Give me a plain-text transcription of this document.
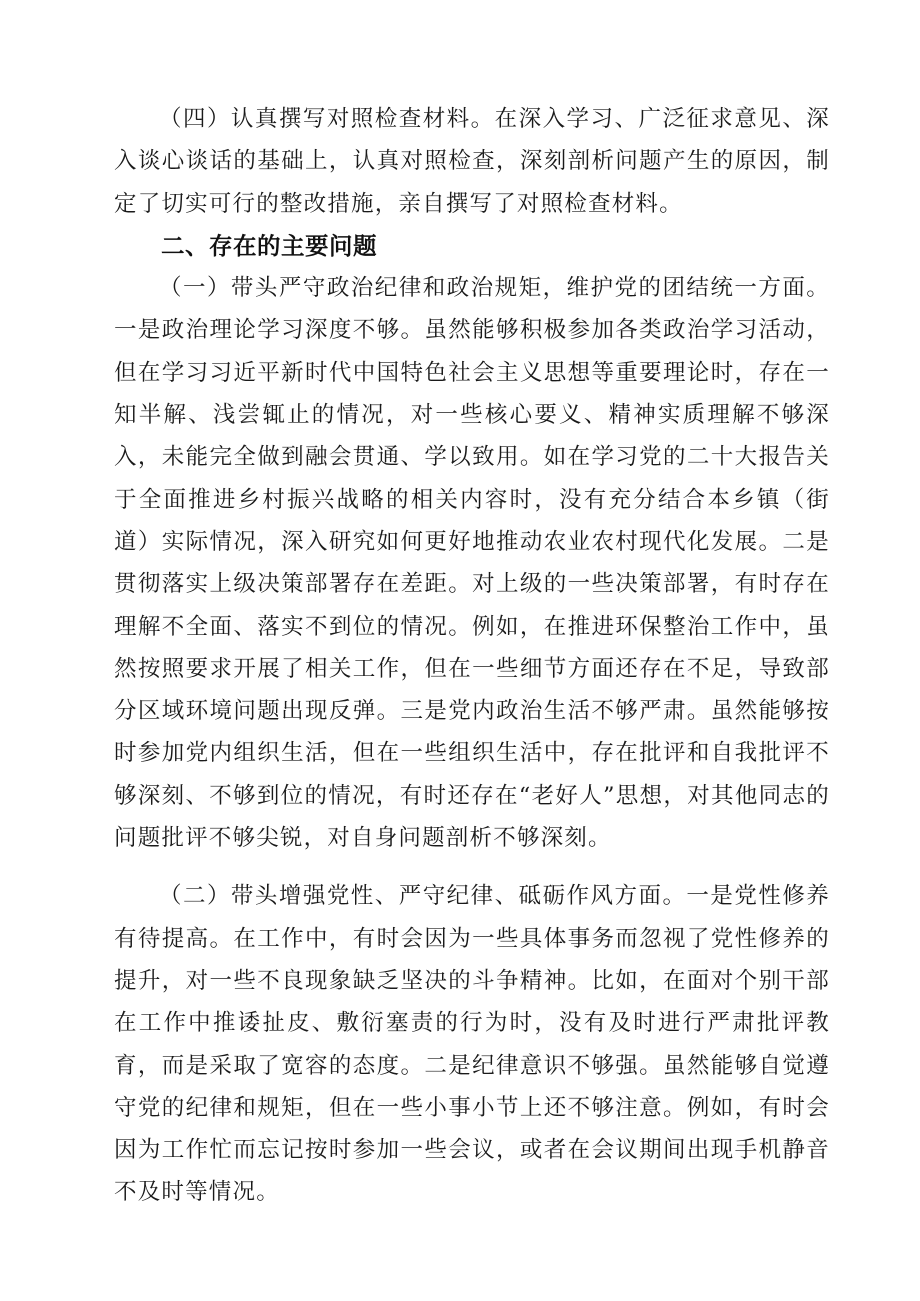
（四）认真撰写对照检查材料。在深入学习、广泛征求意见、深入谈心谈话的基础上，认真对照检查，深刻剖析问题产生的原因，制定了切实可行的整改措施，亲自撰写了对照检查材料。

二、存在的主要问题

（一）带头严守政治纪律和政治规矩，维护党的团结统一方面。一是政治理论学习深度不够。虽然能够积极参加各类政治学习活动，但在学习习近平新时代中国特色社会主义思想等重要理论时，存在一知半解、浅尝辄止的情况，对一些核心要义、精神实质理解不够深入，未能完全做到融会贯通、学以致用。如在学习党的二十大报告关于全面推进乡村振兴战略的相关内容时，没有充分结合本乡镇（街道）实际情况，深入研究如何更好地推动农业农村现代化发展。二是贯彻落实上级决策部署存在差距。对上级的一些决策部署，有时存在理解不全面、落实不到位的情况。例如，在推进环保整治工作中，虽然按照要求开展了相关工作，但在一些细节方面还存在不足，导致部分区域环境问题出现反弹。三是党内政治生活不够严肃。虽然能够按时参加党内组织生活，但在一些组织生活中，存在批评和自我批评不够深刻、不够到位的情况，有时还存在“老好人”思想，对其他同志的问题批评不够尖锐，对自身问题剖析不够深刻。

（二）带头增强党性、严守纪律、砥砺作风方面。一是党性修养有待提高。在工作中，有时会因为一些具体事务而忽视了党性修养的提升，对一些不良现象缺乏坚决的斗争精神。比如，在面对个别干部在工作中推诿扯皮、敷衍塞责的行为时，没有及时进行严肃批评教育，而是采取了宽容的态度。二是纪律意识不够强。虽然能够自觉遵守党的纪律和规矩，但在一些小事小节上还不够注意。例如，有时会因为工作忙而忘记按时参加一些会议，或者在会议期间出现手机静音不及时等情况。
